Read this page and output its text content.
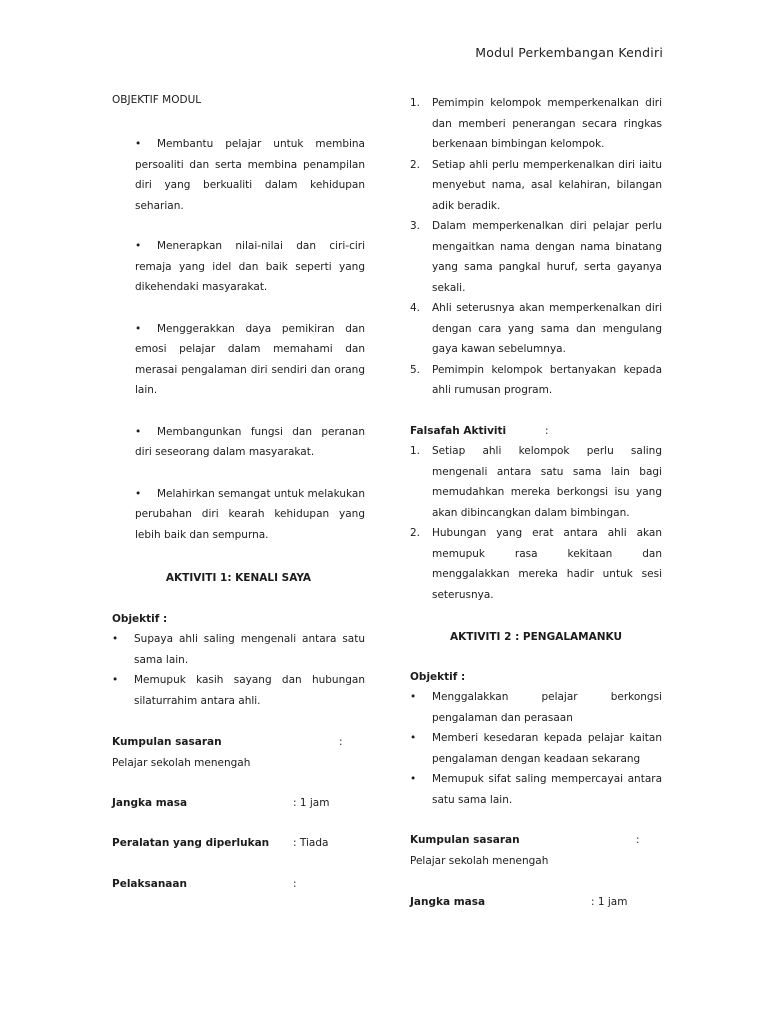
Modul Perkembangan Kendiri

OBJEKTIF MODUL

• Membantu pelajar untuk membina persoaliti dan serta membina penampilan diri yang berkualiti dalam kehidupan seharian.

• Menerapkan nilai-nilai dan ciri-ciri remaja yang idel dan baik seperti yang dikehendaki masyarakat.

• Menggerakkan daya pemikiran dan emosi pelajar dalam memahami dan merasai pengalaman diri sendiri dan orang lain.

• Membangunkan fungsi dan peranan diri seseorang dalam masyarakat.

• Melahirkan semangat untuk melakukan perubahan diri kearah kehidupan yang lebih baik dan sempurna.

AKTIVITI 1: KENALI SAYA

Objektif :

• Supaya ahli saling mengenali antara satu sama lain.
• Memupuk kasih sayang dan hubungan silaturrahim antara ahli.
Kumpulan sasaran	:

Pelajar sekolah menengah

Jangka masa	: 1 jam
Peralatan yang diperlukan : Tiada
Pelaksanaan	:
1. Pemimpin kelompok memperkenalkan diri dan memberi penerangan secara ringkas berkenaan bimbingan kelompok.
2. Setiap ahli perlu memperkenalkan diri iaitu menyebut nama, asal kelahiran, bilangan adik beradik.
3. Dalam memperkenalkan diri pelajar perlu mengaitkan nama dengan nama binatang yang sama pangkal huruf, serta gayanya sekali.
4. Ahli seterusnya akan memperkenalkan diri dengan cara yang sama dan mengulang gaya kawan sebelumnya.
5. Pemimpin kelompok bertanyakan kepada ahli rumusan program.
Falsafah Aktiviti	:
1. Setiap ahli kelompok perlu saling mengenali antara satu sama lain bagi memudahkan mereka berkongsi isu yang akan dibincangkan dalam bimbingan.
2. Hubungan yang erat antara ahli akan memupuk rasa kekitaan dan menggalakkan mereka hadir untuk sesi seterusnya.

AKTIVITI 2 : PENGALAMANKU

Objektif :

• Menggalakkan pelajar berkongsi pengalaman dan perasaan
• Memberi kesedaran kepada pelajar kaitan pengalaman dengan keadaan sekarang
• Memupuk sifat saling mempercayai antara satu sama lain.
Kumpulan sasaran	:

Pelajar sekolah menengah

Jangka masa	: 1 jam
